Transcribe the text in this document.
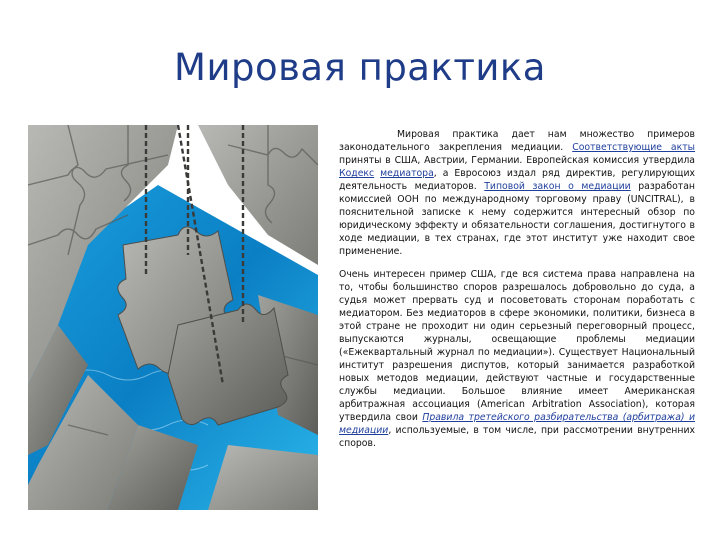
Мировая практика

Мировая практика дает нам множество примеров законодательного закрепления медиации. Соответствующие акты приняты в США, Австрии, Германии. Европейская комиссия утвердила Кодекс медиатора, а Евросоюз издал ряд директив, регулирующих деятельность медиаторов. Типовой закон о медиации разработан комиссией ООН по международному торговому праву (UNCITRAL), в пояснительной записке к нему содержится интересный обзор по юридическому эффекту и обязательности соглашения, достигнутого в ходе медиации, в тех странах, где этот институт уже находит свое применение.

Очень интересен пример США, где вся система права направлена на то, чтобы большинство споров разрешалось добровольно до суда, а судья может прервать суд и посоветовать сторонам поработать с медиатором. Без медиаторов в сфере экономики, политики, бизнеса в этой стране не проходит ни один серьезный переговорный процесс, выпускаются журналы, освещающие проблемы медиации («Ежеквартальный журнал по медиации»). Существует Национальный институт разрешения диспутов, который занимается разработкой новых методов медиации, действуют частные и государственные службы медиации. Большое влияние имеет Американская арбитражная ассоциация (American Arbitration Association), которая утвердила свои Правила третейского разбирательства (арбитража) и медиации, используемые, в том числе, при рассмотрении внутренних споров.
